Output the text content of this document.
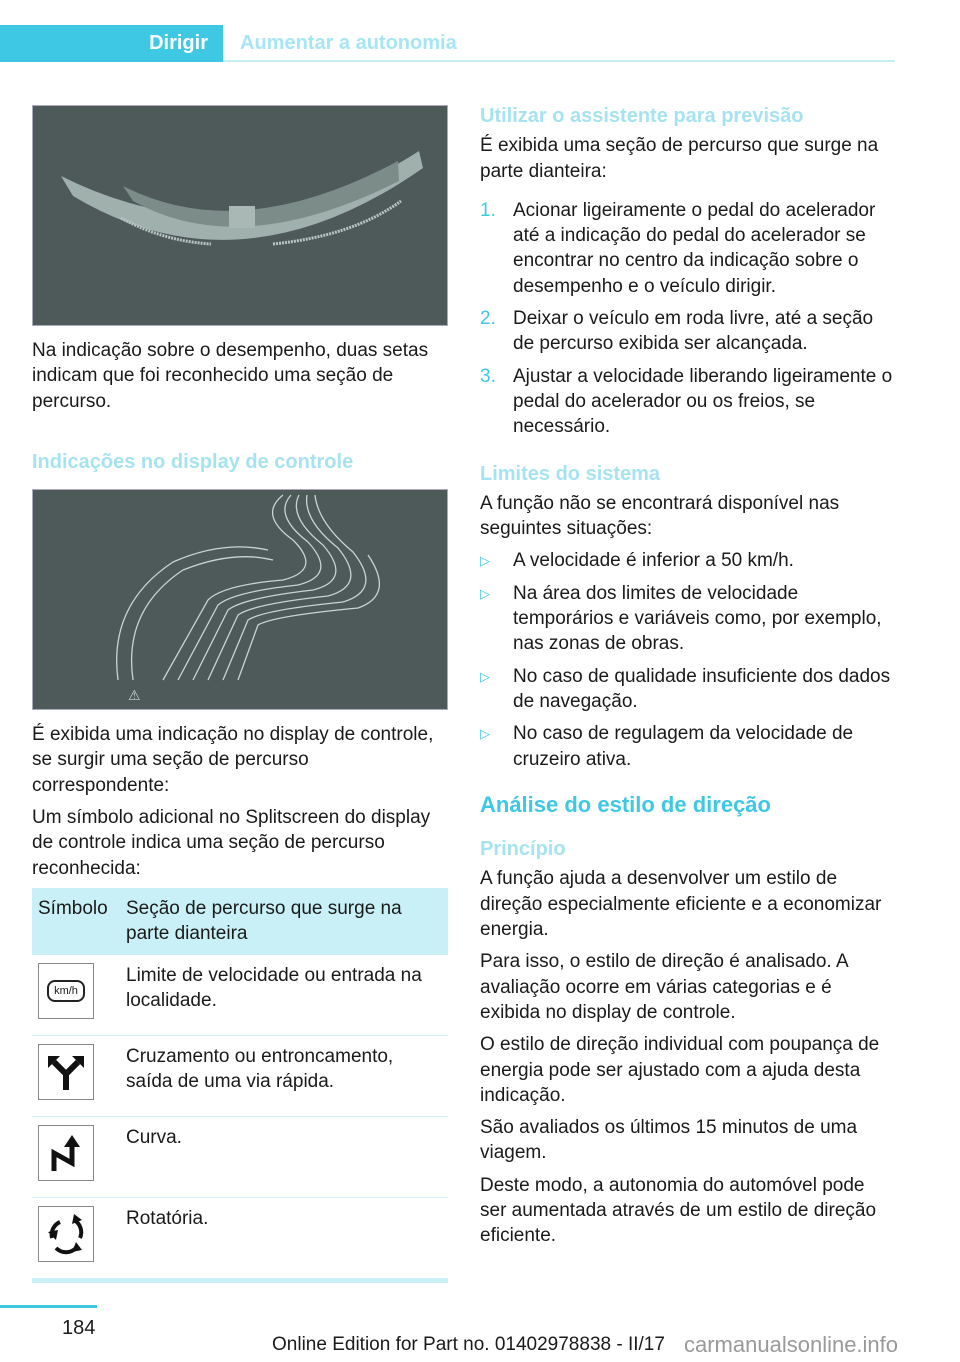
Dirigir	Aumentar a autonomia

Na indicação sobre o desempenho, duas setas indicam que foi reconhecido uma seção de percurso.

Indicações no display de controle
⚠

É exibida uma indicação no display de controle, se surgir uma seção de percurso correspondente:

Um símbolo adicional no Splitscreen do display de controle indica uma seção de percurso reconhecida:

Símbolo	Seção de percurso que surge na parte dianteira

km/h	Limite de velocidade ou entrada na localidade.

	Cruzamento ou entroncamento, saída de uma via rápida.

	Curva.

	Rotatória.
Utilizar o assistente para previsão

É exibida uma seção de percurso que surge na parte dianteira:

1. Acionar ligeiramente o pedal do acelerador até a indicação do pedal do acelerador se encontrar no centro da indicação sobre o desempenho e o veículo dirigir.
2. Deixar o veículo em roda livre, até a seção de percurso exibida ser alcançada.
3. Ajustar a velocidade liberando ligeiramente o pedal do acelerador ou os freios, se necessário.
Limites do sistema

A função não se encontrará disponível nas seguintes situações:

▷	A velocidade é inferior a 50 km/h.
▷	Na área dos limites de velocidade temporários e variáveis como, por exemplo, nas zonas de obras.
▷	No caso de qualidade insuficiente dos dados de navegação.
▷	No caso de regulagem da velocidade de cruzeiro ativa.
Análise do estilo de direção
Princípio

A função ajuda a desenvolver um estilo de direção especialmente eficiente e a economizar energia.

Para isso, o estilo de direção é analisado. A avaliação ocorre em várias categorias e é exibida no display de controle.

O estilo de direção individual com poupança de energia pode ser ajustado com a ajuda desta indicação.

São avaliados os últimos 15 minutos de uma viagem.

Deste modo, a autonomia do automóvel pode ser aumentada através de um estilo de direção eficiente.

184
Online Edition for Part no. 01402978838 - II/17 carmanualsonline.info
